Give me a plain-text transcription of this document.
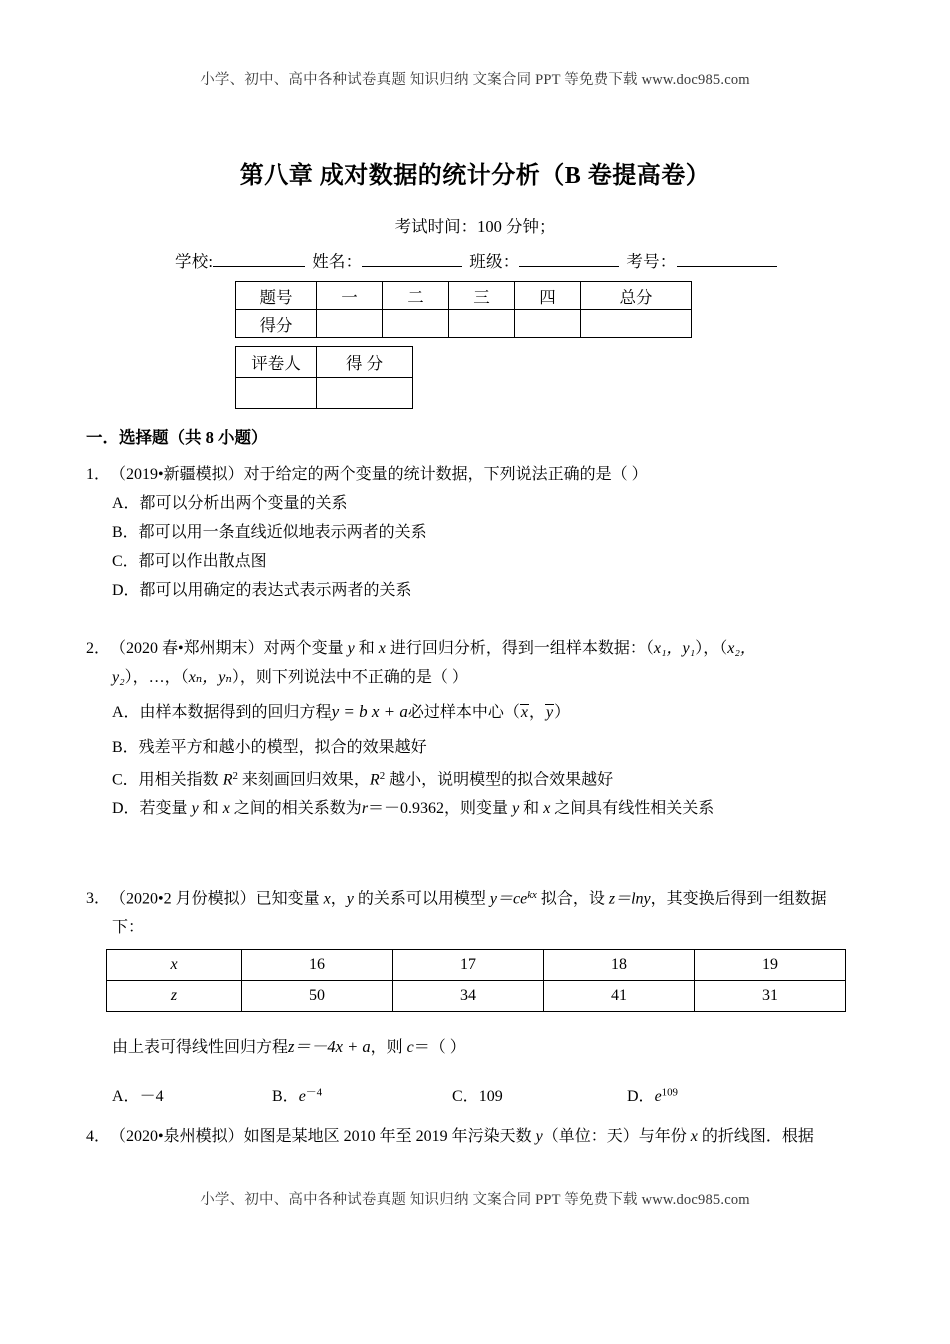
小学、初中、高中各种试卷真题 知识归纳 文案合同 PPT 等免费下载 www.doc985.com
第八章 成对数据的统计分析（B 卷提高卷）
考试时间：100 分钟；
学校:	姓名：	班级：	考号：
题号	一	二	三	四	总分
得分					
评卷人	得 分

一．选择题（共 8 小题）
1．（2019•新疆模拟）对于给定的两个变量的统计数据，下列说法正确的是（ ）
A．都可以分析出两个变量的关系
B．都可以用一条直线近似地表示两者的关系
C．都可以作出散点图
D．都可以用确定的表达式表示两者的关系
2．（2020 春•郑州期末）对两个变量 y 和 x 进行回归分析，得到一组样本数据：（x₁，y₁），（x₂，
y₂），…，（xₙ，yₙ），则下列说法中不正确的是（ ）
A．由样本数据得到的回归方程y = b x + a必过样本中心（x，y）
B．残差平方和越小的模型，拟合的效果越好
C．用相关指数 $R^2$ 来刻画回归效果，$R^2$ 越小，说明模型的拟合效果越好
D．若变量 y 和 x 之间的相关系数为r＝－0.9362，则变量 y 和 x 之间具有线性相关关系
3．（2020•2 月份模拟）已知变量 x，y 的关系可以用模型 $y=ce^{kx}$ 拟合，设 z＝lny，其变换后得到一组数据
下：
x	16	17	18	19
z	50	34	41	31
由上表可得线性回归方程z＝－4x + a，则 c＝（ ）
A．－4	B．$e^{-4}$	C．109	D．$e^{109}$
4．（2020•泉州模拟）如图是某地区 2010 年至 2019 年污染天数 y（单位：天）与年份 x 的折线图．根据
小学、初中、高中各种试卷真题 知识归纳 文案合同 PPT 等免费下载 www.doc985.com
